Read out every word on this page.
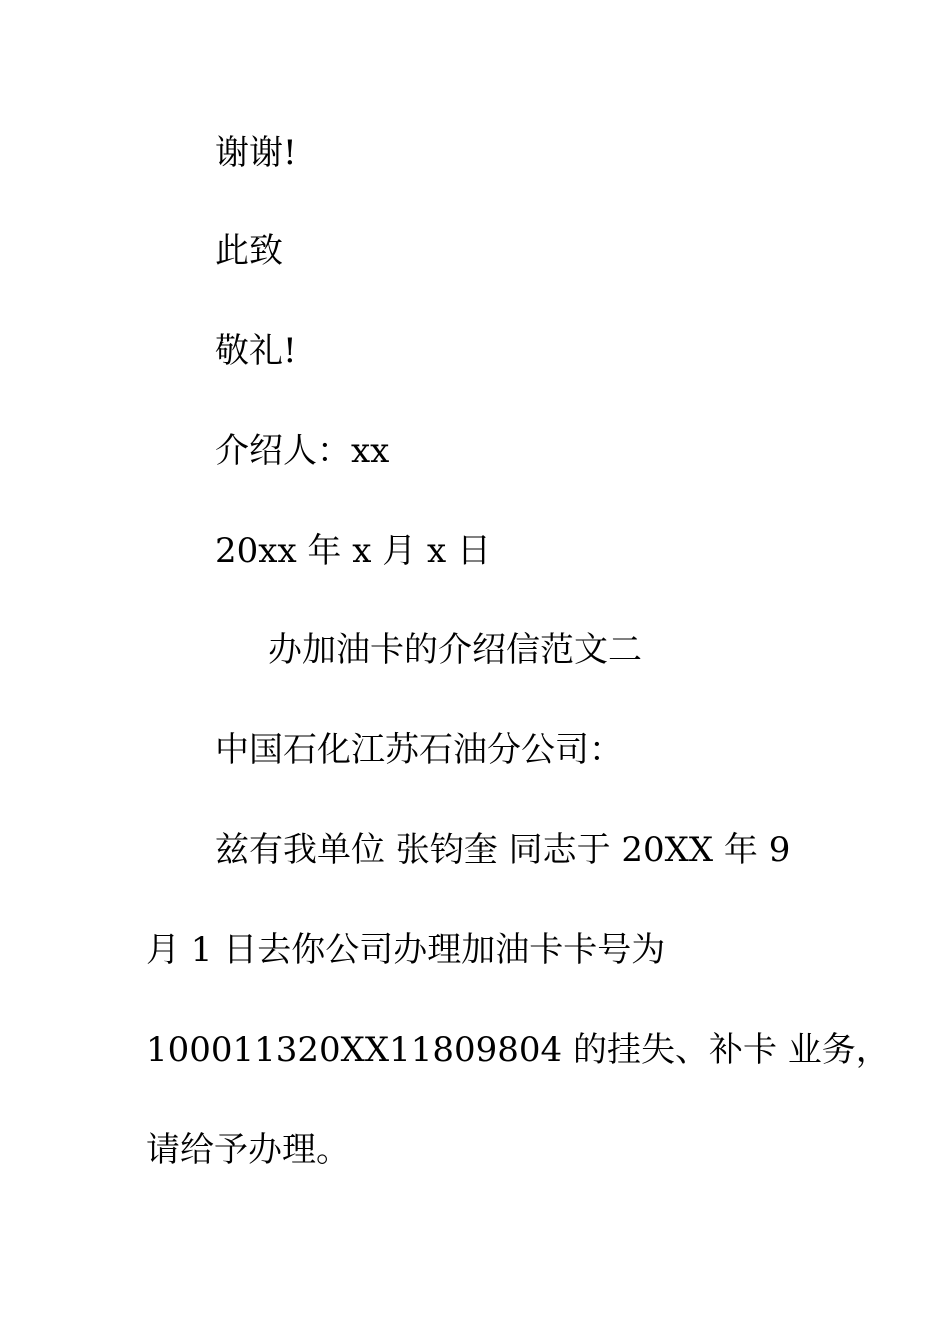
谢谢!
此致
敬礼!
介绍人：xx
20xx 年 x 月 x 日
办加油卡的介绍信范文二
中国石化江苏石油分公司：
兹有我单位 张钧奎 同志于 20XX 年 9
月 1 日去你公司办理加油卡卡号为
100011320XX11809804 的挂失、补卡 业务，
请给予办理。
